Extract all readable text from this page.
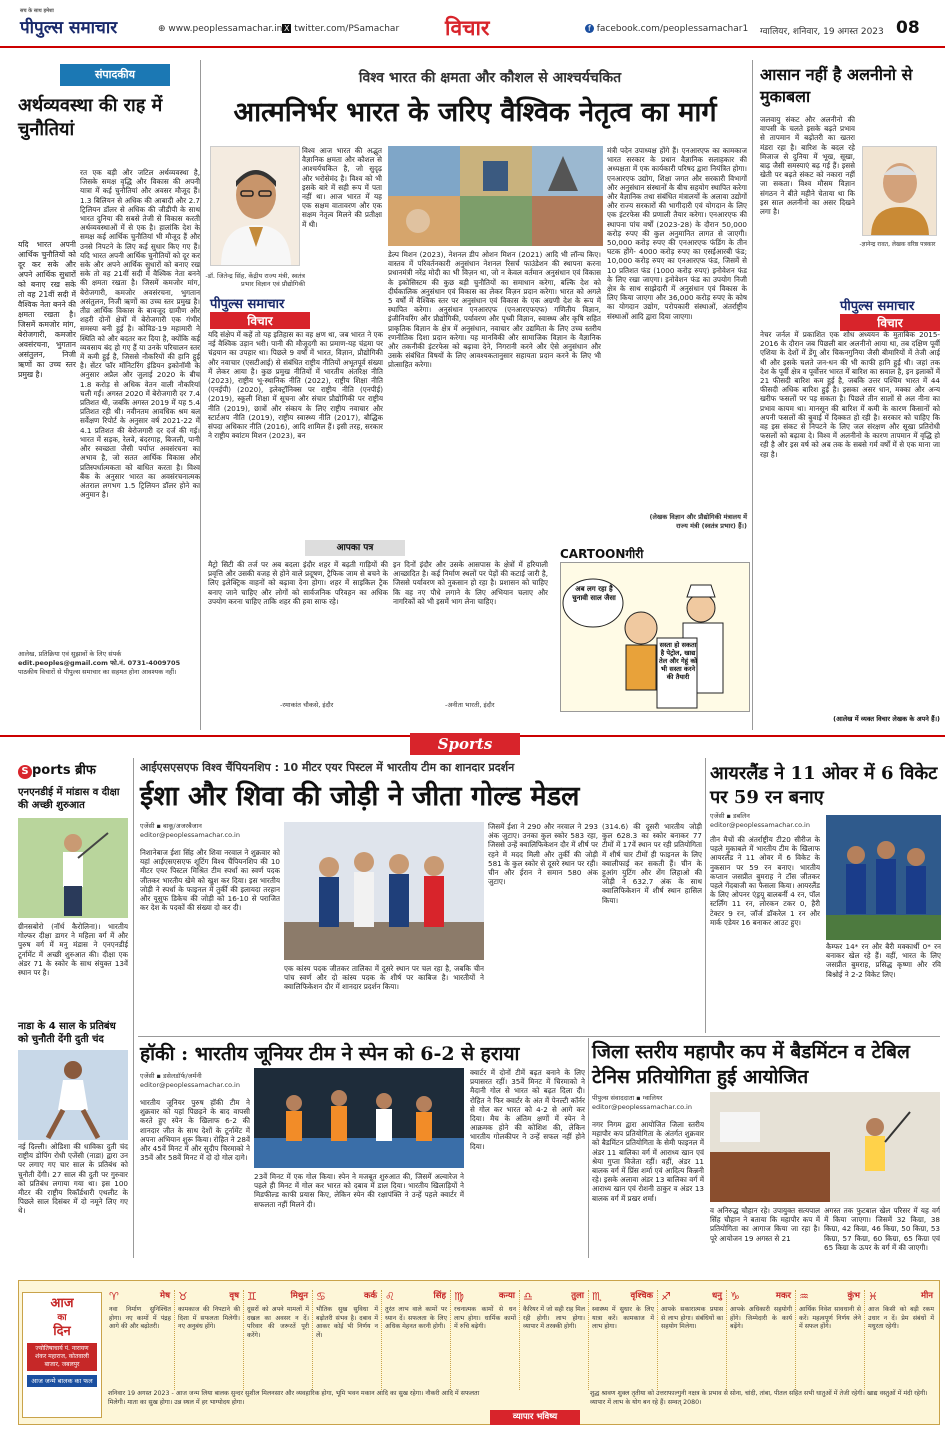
सच के साथ हमेशा
पीपुल्स समाचार	⊕ www.peoplessamachar.in X twitter.com/PSamachar विचार	f facebook.com/peoplessamachar1 ग्वालियर, शनिवार, 19 अगस्त 2023 08
संपादकीय
अर्थव्यवस्था की राह में चुनौतियां
रत एक बड़ी और जटिल अर्थव्यवस्था है, जिसके समक्ष वृद्धि और विकास की अपनी यात्रा में कई चुनौतियां और अवसर मौजूद हैं। 1.3 बिलियन से अधिक की आबादी और 2.7 ट्रिलियन डॉलर से अधिक की जीडीपी के साथ भारत दुनिया की सबसे तेजी से विकास करती अर्थव्यवस्थाओं में से एक है। हालांकि देश के समक्ष कई आर्थिक चुनौतियां भी मौजूद हैं और उनसे निपटने के लिए कई सुधार किए गए हैं। यदि भारत अपनी आर्थिक चुनौतियों को दूर कर सके और अपने आर्थिक सुधारों को बनाए रख सके तो वह 21वीं सदी में वैश्विक नेता बनने की क्षमता रखता है। जिसमें कमजोर मांग, बेरोजगारी, कमजोर अवसंरचना, भुगतान असंतुलन, निजी ऋणों का उच्च स्तर प्रमुख है। तीव्र आर्थिक विकास के बावजूद ग्रामीण और शहरी दोनों क्षेत्रों में बेरोजगारी एक गंभीर समस्या बनी हुई है। कोविड-19 महामारी ने स्थिति को और बदतर कर दिया है, क्योंकि कई व्यवसाय बंद हो गए हैं या उनके परिचालन स्तर में कमी हुई है, जिससे नौकरियों की हानि हुई है। सेंटर फॉर मॉनिटरिंग इंडियन इकोनॉमी के अनुसार अप्रैल और जुलाई 2020 के बीच 1.8 करोड़ से अधिक वेतन वाली नौकरियां चली गईं। अगस्त 2020 में बेरोजगारी दर 7.4 प्रतिशत थी, जबकि अगस्त 2019 में यह 5.4 प्रतिशत रही थी। नवीनतम आवधिक श्रम बल सर्वेक्षण रिपोर्ट के अनुसार वर्ष 2021-22 में 4.1 प्रतिशत की बेरोजगारी दर दर्ज की गई। भारत में सड़क, रेलवे, बंदरगाह, बिजली, पानी और स्वच्छता जैसी पर्याप्त अवसंरचना का अभाव है, जो सतत आर्थिक विकास और प्रतिस्पर्धात्मकता को बाधित करता है। विश्व बैंक के अनुसार भारत का अवसंरचनात्मक अंतराल लगभग 1.5 ट्रिलियन डॉलर होने का अनुमान है।
यदि भारत अपनी आर्थिक चुनौतियों को दूर कर सके और अपने आर्थिक सुधारों को बनाए रख सके तो वह 21वीं सदी में वैश्विक नेता बनने की क्षमता रखता है। जिसमें कमजोर मांग, बेरोजगारी, कमजोर अवसंरचना, भुगतान असंतुलन, निजी ऋणों का उच्च स्तर प्रमुख है।
आलेख, प्रतिक्रिया एवं सुझावों के लिए संपर्क
edit.peoples@gmail.com फो.नं. 0731-4009705
पाठकीय विचारों से पीपुल्स समाचार का सहमत होना आवश्यक नहीं।
विश्व भारत की क्षमता और कौशल से आश्चर्यचकित
आत्मनिर्भर भारत के जरिए वैश्विक नेतृत्व का मार्ग
-डॉ. जितेन्द्र सिंह, केंद्रीय राज्य मंत्री, स्वतंत्र प्रभार विज्ञान एवं प्रौद्योगिकी
विश्व आज भारत की अद्भुत वैज्ञानिक क्षमता और कौशल से आश्चर्यचकित है, जो सुदृढ़ और भरोसेमंद है। विश्व को भी इसके बारे में सही रूप में पता नहीं था। आज भारत में यह एक सक्षम वातावरण और एक सक्षम नेतृत्व मिलने की प्रतीक्षा में थी।
पीपुल्स समाचार
विचार
यदि संक्षेप में कहें तो यह इतिहास का वह क्षण था, जब भारत ने एक नई वैश्विक उड़ान भरी। पानी की मौजूदगी का प्रमाण-यह चंद्रमा पर चंद्रयान का उपहार था। पिछले 9 वर्षों में भारत, विज्ञान, प्रौद्योगिकी और नवाचार (एसटीआई) से संबंधित राष्ट्रीय नीतियों अभूतपूर्व संख्या में लेकर आया है। कुछ प्रमुख नीतियों में भारतीय अंतरिक्ष नीति (2023), राष्ट्रीय भू-स्थानिक नीति (2022), राष्ट्रीय शिक्षा नीति (एनईपी) (2020), इलेक्ट्रॉनिक्स पर राष्ट्रीय नीति (एनपीई) (2019), स्कूली शिक्षा में सूचना और संचार प्रौद्योगिकी पर राष्ट्रीय नीति (2019), छात्रों और संकाय के लिए राष्ट्रीय नवाचार और स्टार्टअप नीति (2019), राष्ट्रीय स्वास्थ्य नीति (2017), बौद्धिक संपदा अधिकार नीति (2016), आदि शामिल हैं। इसी तरह, सरकार ने राष्ट्रीय क्वांटम मिशन (2023), बन
डेल्प मिशन (2023), नेशनल डीप ओशन मिशन (2021) आदि भी लॉन्च किए। वास्तव में परिवर्तनकारी अनुसंधान नेशनल रिसर्च फाउंडेशन की स्थापना करना प्रधानमंत्री नरेंद्र मोदी का भी विज़न था, जो न केवल वर्तमान अनुसंधान एवं विकास के इकोसिस्टम की कुछ बड़ी चुनौतियों का समाधान करेगा, बल्कि देश को दीर्घकालिक अनुसंधान एवं विकास का लेकर विज़न प्रदान करेगा। भारत को अगले 5 वर्षों में वैश्विक स्तर पर अनुसंधान एवं विकास के एक अग्रणी देश के रूप में स्थापित करेगा। अनुसंधान एनआरएफ (एनआरएफएफ) गणितीय विज्ञान, इंजीनियरिंग और प्रौद्योगिकी, पर्यावरण और पृथ्वी विज्ञान, स्वास्थ्य और कृषि सहित प्राकृतिक विज्ञान के क्षेत्र में अनुसंधान, नवाचार और उद्यमिता के लिए उच्च स्तरीय रणनीतिक दिशा प्रदान करेगा। यह मानविकी और सामाजिक विज्ञान के वैज्ञानिक और तकनीकी इंटरफेस को बढ़ावा देने, निगरानी करने और ऐसे अनुसंधान और उसके संबंधित विषयों के लिए आवश्यकतानुसार सहायता प्रदान करने के लिए भी प्रोत्साहित करेगा।
मंत्री पदेन उपाध्यक्ष होंगे हैं। एनआरएफ का कामकाज भारत सरकार के प्रधान वैज्ञानिक सलाहकार की अध्यक्षता में एक कार्यकारी परिषद द्वारा नियंत्रित होगा। एनआरएफ उद्योग, शिक्षा जगत और सरकारी विभागों और अनुसंधान संस्थानों के बीच सहयोग स्थापित करेगा और वैज्ञानिक तथा संबंधित मंत्रालयों के अलावा उद्योगों और राज्य सरकारों की भागीदारी एवं योगदान के लिए एक इंटरफेस की प्रणाली तैयार करेगा। एनआरएफ की स्थापना पांच वर्षों (2023-28) के दौरान 50,000 करोड़ रुपए की कुल अनुमानित लागत से जाएगी। 50,000 करोड़ रुपए की एनआरएफ फंडिंग के तीन घटक होंगे- 4000 करोड़ रुपए का एसईआरबी फंड; 10,000 करोड़ रुपए का एनआरएफ फंड, जिसमें से 10 प्रतिशत फंड (1000 करोड़ रुपए) इनोवेशन फंड के लिए रखा जाएगा। इनोवेशन फंड का उपयोग निजी क्षेत्र के साथ साझेदारी में अनुसंधान एवं विकास के लिए किया जाएगा और 36,000 करोड़ रुपए के कोष का योगदान उद्योग, परोपकारी संस्थाओं, अंतर्राष्ट्रीय संस्थाओं आदि द्वारा दिया जाएगा।
(लेखक विज्ञान और प्रौद्योगिकी मंत्रालय में
राज्य मंत्री (स्वतंत्र प्रभार) हैं।)
आपका पत्र
मैट्रो सिटी की तर्ज पर अब बदला इंदौर शहर में बढ़ती गाड़ियों की प्रवृत्ति और उसकी वजह से होने वाले प्रदूषण, ट्रैफिक जाम से बचने के लिए इलेक्ट्रिक वाहनों को बढ़ावा देना होगा। शहर में साइकिल ट्रैक बनाए जाने चाहिए और लोगों को सार्वजनिक परिवहन का अधिक उपयोग करना चाहिए ताकि शहर की हवा साफ रहे।
-रमाकांत चौकसे, इंदौर
इन दिनों इंदौर और उसके आसपास के क्षेत्रों में हरियाली आच्छादित है। कई निर्माण स्थलों पर पेड़ों की कटाई जारी है, जिससे पर्यावरण को नुकसान हो रहा है। प्रशासन को चाहिए कि वह नए पौधे लगाने के लिए अभियान चलाए और नागरिकों को भी इसमें भाग लेना चाहिए।
-अनीता भारती, इंदौर
CARTOONगीरी
अब लग रहा है चुनावी साल जैसा
सस्ता हो सकता है पेट्रोल, खाद्य तेल और गेहूं को भी सस्ता करने की तैयारी
आसान नहीं है अलनीनो से मुकाबला
जलवायु संकट और अलनीनो की वापसी के चलते इसके बढ़ते प्रभाव से तापमान में बढ़ोतरी का खतरा मंडरा रहा है। बारिश के बदल रहे मिजाज से दुनिया में भूख, सूखा, बाढ़ जैसी समस्याएं बढ़ गई हैं। इससे खेती पर बढ़ते संकट को नकारा नहीं जा सकता। विश्व मौसम विज्ञान संगठन ने बीते महीने चेताया था कि इस साल अलनीनो का असर दिखने लगा है।
-ज्ञानेन्द्र रावत, लेखक वरिष्ठ पत्रकार
पीपुल्स समाचार
विचार
नेचर जर्नल में प्रकाशित एक शोध अध्ययन के मुताबिक 2015-2016 के दौरान जब पिछली बार अलनीनो आया था, तब दक्षिण पूर्वी एशिया के देशों में डेंगू और चिकनगुनिया जैसी बीमारियों में तेजी आई थी और इसके चलते जन-धन की भी काफी हानि हुई थी। जहां तक देश के पूर्वी क्षेत्र व पूर्वोत्तर भारत में बारिश का सवाल है, इन इलाकों में 21 फीसदी बारिश कम हुई है, जबकि उत्तर पश्चिम भारत में 44 फीसदी अधिक बारिश हुई है। इसका असर धान, मक्का और अन्य खरीफ फसलों पर पड़ सकता है। पिछले तीन सालों से अल नीना का प्रभाव कायम था। मानसून की बारिश में कमी के कारण किसानों को अपनी फसलों की बुवाई में दिक्कत हो रही है। सरकार को चाहिए कि वह इस संकट से निपटने के लिए जल संरक्षण और सूखा प्रतिरोधी फसलों को बढ़ावा दे। विश्व में अलनीनो के कारण तापमान में वृद्धि हो रही है और इस वर्ष को अब तक के सबसे गर्म वर्षों में से एक माना जा रहा है।
(आलेख में व्यक्त विचार लेखक के अपने हैं।)
Sports
S ports ब्रीफ
एनएनडीई में मांडास व दीक्षा की अच्छी शुरुआत
ग्रीनसबोरो (नॉर्थ कैरोलिना)। भारतीय गोल्फर दीक्षा डागर ने महिला वर्ग में और पुरुष वर्ग में मनु मंडास ने एनएनडीई टूर्नामेंट में अच्छी शुरुआत की। दीक्षा एक अंडर 71 के स्कोर के साथ संयुक्त 13वें स्थान पर है।
नाडा के 4 साल के प्रतिबंध को चुनौती देंगी दुती चंद
नई दिल्ली। ओडिशा की धाविका दुती चंद राष्ट्रीय डोपिंग रोधी एजेंसी (नाडा) द्वारा उन पर लगाए गए चार साल के प्रतिबंध को चुनौती देंगी। 27 साल की दुती पर गुरुवार को प्रतिबंध लगाया गया था। इस 100 मीटर की राष्ट्रीय रिकॉर्डधारी एथलीट के पिछले साल दिसंबर में दो नमूने लिए गए थे।
आईएसएसएफ विश्व चैंपियनशिप : 10 मीटर एयर पिस्टल में भारतीय टीम का शानदार प्रदर्शन
ईशा और शिवा की जोड़ी ने जीता गोल्ड मेडल
एजेंसी ▪ बाकू/अजरबैजान
editor@peoplessamachar.co.in
निशानेबाज ईशा सिंह और शिवा नरवाल ने शुक्रवार को यहां आईएसएसएफ शूटिंग विश्व चैंपियनशिप की 10 मीटर एयर पिस्टल मिश्रित टीम स्पर्धा का स्वर्ण पदक जीतकर भारतीय खेमे को खुश कर दिया। इस भारतीय जोड़ी ने स्पर्धा के फाइनल में तुर्की की इलायदा तरहान और यूसुफ डिकेच की जोड़ी को 16-10 से पराजित कर देश के पदकों की संख्या दो कर दी।
एक कांस्य पदक जीतकर तालिका में दूसरे स्थान पर चल रहा है, जबकि चीन पांच स्वर्ण और दो कांस्य पदक के शीर्ष पर काबिज है। भारतीयों ने क्वालिफिकेशन दौर में शानदार प्रदर्शन किया।
जिसमें ईशा ने 290 और नरवाल ने 293 अंक जुटाए। उनका कुल स्कोर 583 रहा, जिससे उन्हें क्वालिफिकेशन दौर में शीर्ष पर रहने में मदद मिली और तुर्की की जोड़ी 581 के कुल स्कोर से दूसरे स्थान पर रही। चीन और ईरान ने समान 580 अंक जुटाए।
(314.6) की दूसरी भारतीय जोड़ी कुल 628.3 का स्कोर बनाकर 77 टीमों में 17वें स्थान पर रही प्रतियोगिता में शीर्ष चार टीमों ही फाइनल के लिए क्वालीफाई कर सकती हैं। चीन के हुआंग युटिंग और शेंग लिहाओ की जोड़ी ने 632.7 अंक के साथ क्वालिफिकेशन में शीर्ष स्थान हासिल किया।
आयरलैंड ने 11 ओवर में 6 विकेट पर 59 रन बनाए
एजेंसी ▪ डबलिन
editor@peoplessamachar.co.in
तीन मैचों की अंतर्राष्ट्रीय टी20 सीरीज के पहले मुकाबले में भारतीय टीम के खिलाफ आयरलैंड ने 11 ओवर में 6 विकेट के नुकसान पर 59 रन बनाए। भारतीय कप्तान जसप्रीत बुमराह ने टॉस जीतकर पहले गेंदबाजी का फैसला किया। आयरलैंड के लिए ओपनर एंड्रयू बालबर्नी 4 रन, पॉल स्टर्लिंग 11 रन, लोरकन टकर 0, हैरी टेक्टर 9 रन, जॉर्ज डॉकरेल 1 रन और मार्क एडेयर 16 बनाकर आउट हुए।
कैम्फर 14* रन और बैरी मक्कार्थी 0* रन बनाकर खेल रहे हैं। वहीं, भारत के लिए जसप्रीत बुमराह, प्रसिद्ध कृष्णा और रवि बिश्नोई ने 2-2 विकेट लिए।
हॉकी : भारतीय जूनियर टीम ने स्पेन को 6-2 से हराया
एजेंसी ▪ डसेलडॉर्फ/जर्मनी
editor@peoplessamachar.co.in
भारतीय जूनियर पुरुष हॉकी टीम ने शुक्रवार को यहां पिछड़ने के बाद वापसी करते हुए स्पेन के खिलाफ 6-2 की शानदार जीत के साथ देशों के टूर्नामेंट में अपना अभियान शुरू किया। रोहित ने 28वें और 45वें मिनट में और सुदीप चिरमाको ने 35वें और 58वें मिनट में दो दो गोल दागे।
23वें मिनट में एक गोल किया। स्पेन ने मजबूत शुरुआत की, जिसमें अल्वारेज ने पहले ही मिनट में गोल कर भारत को दबाव में डाल दिया। भारतीय खिलाड़ियों ने मिडफील्ड काफी प्रयास किए, लेकिन स्पेन की रक्षापंक्ति ने उन्हें पहले क्वार्टर में सफलता नहीं मिलने दी।
क्वार्टर में दोनों टीमें बढ़त बनाने के लिए प्रयासरत रहीं। 35वें मिनट में चिरमाको ने मैदानी गोल से भारत को बढ़त दिला दी। रोहित ने फिर क्वार्टर के अंत में पेनल्टी कॉर्नर से गोल कर भारत को 4-2 से आगे कर दिया। मैच के अंतिम क्षणों में स्पेन ने आक्रमक होने की कोशिश की, लेकिन भारतीय गोलकीपर ने उन्हें सफल नहीं होने दिया।
जिला स्तरीय महापौर कप में बैडमिंटन व टेबिल टेनिस प्रतियोगिता हुई आयोजित
पीपुल्स संवाददाता ▪ ग्वालियर
editor@peoplessamachar.co.in
नगर निगम द्वारा आयोजित जिला स्तरीय महापौर कप प्रतियोगिता के अंतर्गत शुक्रवार को बैडमिंटन प्रतियोगिता के सेमी फाइनल में अंडर 11 बालिका वर्ग में आराध्य खान एवं श्रेया गुप्ता विजेता रहीं। वहीं, अंडर 11 बालक वर्ग में प्रिंस शर्मा एवं आदित्य किन्ननी रहे। इसके अलावा अंडर 13 बालिका वर्ग में आराध्य खान एवं रोशनी ठाकुर व अंडर 13 बालक वर्ग में प्रखर शर्मा।
व अनिरुद्ध चौहान रहे। उपायुक्त सत्यपाल सिंह चौहान ने बताया कि महापौर कप में प्रतियोगिता का आगाज किया जा रहा है। पूरे आयोजन 19 अगस्त से 21
अगस्त तक फुटबाल खेल परिसर में यह वर्ग में किया जाएगा। जिसमें 32 किग्रा, 38 किग्रा, 42 किग्रा, 46 किग्रा, 50 किग्रा, 53 किग्रा, 57 किग्रा, 60 किग्रा, 65 किग्रा एवं 65 किग्रा के ऊपर के वर्ग में की जाएगी।
आज
का
दिन
ज्योतिषाचार्य पं. नारायण शंकर महाराज, कोतवाली बाजार, जबलपुर
आज जन्मे बालक का फल
♈	मेष
नवा निर्माण सुनिश्चित होगा। नए कामों में पंद्रह आगे की और बढ़ोतरी।
♉	वृष
कामकाज की निपटाने की दिशा में सफलता मिलेगी। नए अनुबंध होंगे।
♊	मिथुन
दूसरों को अपने मामलों में दखल का अवसर न दें। परिवार की जरूरतें पूरी करेंगे।
♋	कर्क
भौतिक सुख सुविधा में बढ़ोतरी संभव है। दबाव में आकर कोई भी निर्णय न लें।
♌	सिंह
तुरंत लाभ वाले कामों पर ध्यान दें। सफलता के लिए अधिक मेहनत करनी होगी।
♍	कन्या
रचनात्मक कामों से धन लाभ होगा। धार्मिक कामों में रुचि बढ़ेगी।
♎	तुला
कैरियर में जो सही राह मिल रही होगी। लाभ होगा। व्यापार में तरक्की होगी।
♏	वृश्चिक
स्वास्थ्य में सुधार के लिए यात्रा करें। कामकाज में लाभ होगा।
♐	धनु
आपके सकारात्मक प्रयास से लाभ होगा। संबंधियों का सहयोग मिलेगा।
♑	मकर
आपके अधिकारी सहयोगी होंगे। जिम्मेदारी के कार्य बढ़ेंगे।
♒	कुंभ
आर्थिक निवेश सावधानी से करें। महत्वपूर्ण निर्णय लेने में सफल होंगे।
♓	मीन
आज किसी को बड़ी रकम उधार न दें। प्रेम संबंधों में मधुरता रहेगी।
शनिवार 19 अगस्त 2023 - आज जन्म लिया बालक सुन्दर सुशील मिलनसार और व्यवहारिक होगा, भूमि भवन मकान आदि का सुख रहेगा। नौकरी आदि में सफलता मिलेगी। माता का सुख होगा। उन्न स्थल में हर भाग्योदय होगा।
व्यापार भविष्य
शुद्ध श्रावण शुक्ल तृतीया को उत्तराफाल्गुनी नक्षत्र के प्रभाव से सोना, चांदी, तांबा, पीतल सहित सभी धातुओं में तेजी रहेगी। खाद्य वस्तुओं में मंदी रहेगी। व्यापार में लाभ के योग बन रहे हैं। सम्वत् 2080।
